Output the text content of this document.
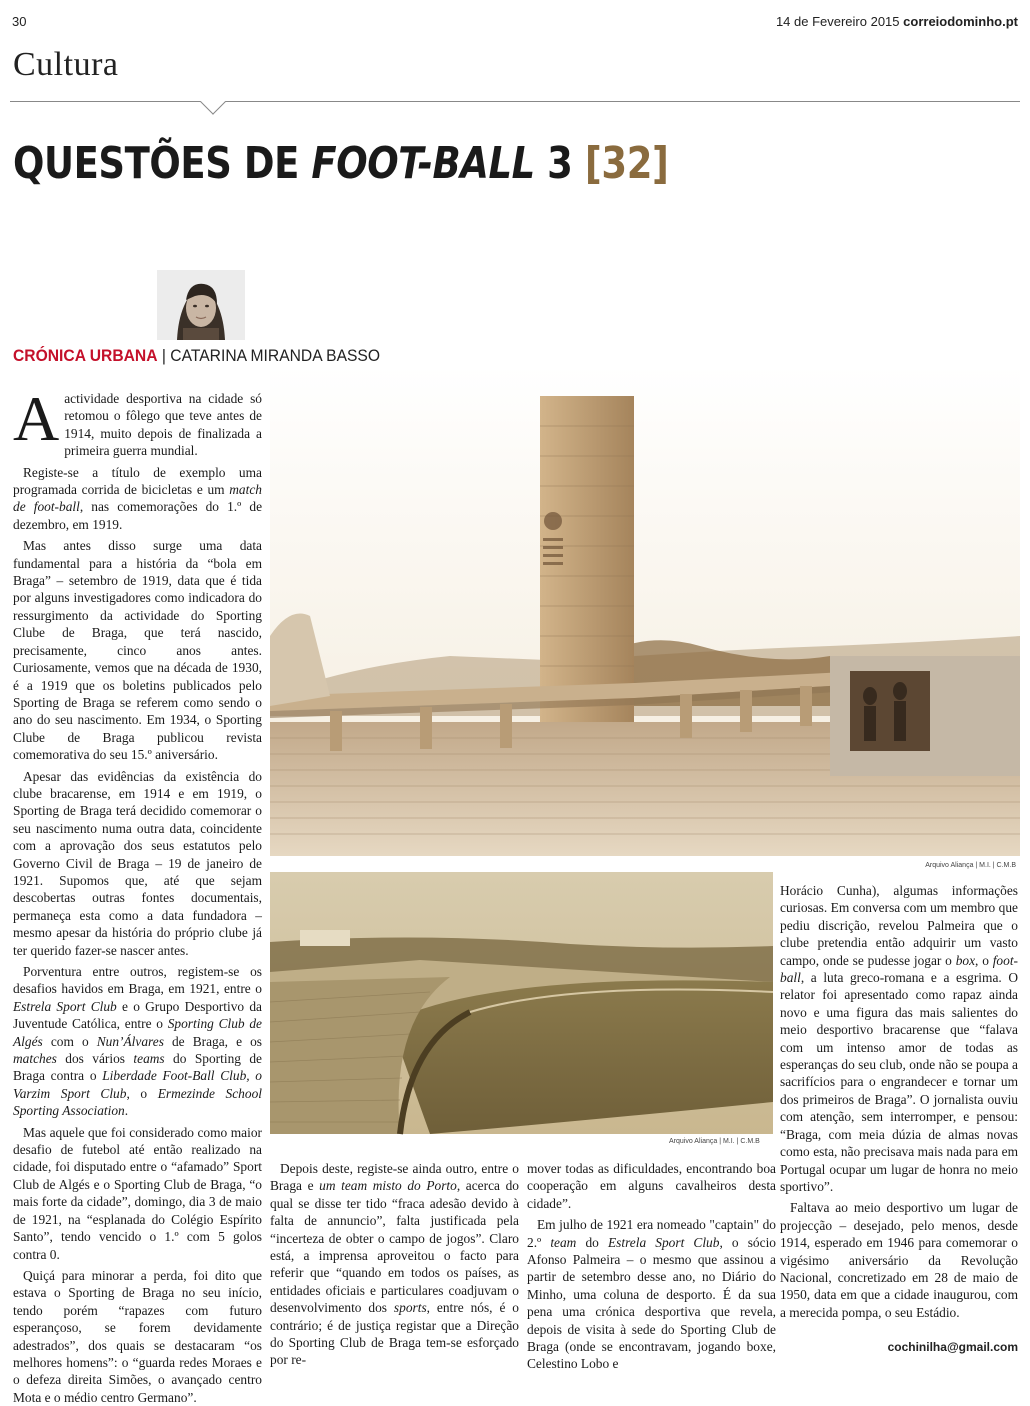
30	14 de Fevereiro 2015 correiodominho.pt
Cultura
QUESTÕES DE FOOT-BALL 3 [32]
CRÓNICA URBANA | CATARINA MIRANDA BASSO
Arquivo Aliança | M.I. | C.M.B
Arquivo Aliança | M.I. | C.M.B

A actividade desportiva na cidade só retomou o fôlego que teve antes de 1914, muito depois de finalizada a primeira guerra mundial.

Registe-se a título de exemplo uma programada corrida de bicicletas e um match de foot-ball, nas comemorações do 1.º de dezembro, em 1919.

Mas antes disso surge uma data fundamental para a história da “bola em Braga” – setembro de 1919, data que é tida por alguns investigadores como indicadora do ressurgimento da actividade do Sporting Clube de Braga, que terá nascido, precisamente, cinco anos antes. Curiosamente, vemos que na década de 1930, é a 1919 que os boletins publicados pelo Sporting de Braga se referem como sendo o ano do seu nascimento. Em 1934, o Sporting Clube de Braga publicou revista comemorativa do seu 15.º aniversário.

Apesar das evidências da existência do clube bracarense, em 1914 e em 1919, o Sporting de Braga terá decidido comemorar o seu nascimento numa outra data, coincidente com a aprovação dos seus estatutos pelo Governo Civil de Braga – 19 de janeiro de 1921. Supomos que, até que sejam descobertas outras fontes documentais, permaneça esta como a data fundadora – mesmo apesar da história do próprio clube já ter querido fazer-se nascer antes.

Porventura entre outros, registem-se os desafios havidos em Braga, em 1921, entre o Estrela Sport Club e o Grupo Desportivo da Juventude Católica, entre o Sporting Club de Algés com o Nun’Álvares de Braga, e os matches dos vários teams do Sporting de Braga contra o Liberdade Foot-Ball Club, o Varzim Sport Club, o Ermezinde School Sporting Association.

Mas aquele que foi considerado como maior desafio de futebol até então realizado na cidade, foi disputado entre o “afamado” Sport Club de Algés e o Sporting Club de Braga, “o mais forte da cidade”, domingo, dia 3 de maio de 1921, na “esplanada do Colégio Espírito Santo”, tendo vencido o 1.º com 5 golos contra 0.

Quiçá para minorar a perda, foi dito que estava o Sporting de Braga no seu início, tendo porém “rapazes com futuro esperançoso, se forem devidamente adestrados”, dos quais se destacaram “os melhores homens”: o “guarda redes Moraes e o defeza direita Simões, o avançado centro Mota e o médio centro Germano”.

Depois deste, registe-se ainda outro, entre o Braga e um team misto do Porto, acerca do qual se disse ter tido “fraca adesão devido à falta de annuncio”, falta justificada pela “incerteza de obter o campo de jogos”. Claro está, a imprensa aproveitou o facto para referir que “quando em todos os países, as entidades oficiais e particulares coadjuvam o desenvolvimento dos sports, entre nós, é o contrário; é de justiça registar que a Direção do Sporting Club de Braga tem-se esforçado por re-

mover todas as dificuldades, encontrando boa cooperação em alguns cavalheiros desta cidade”.

Em julho de 1921 era nomeado "captain" do 2.º team do Estrela Sport Club, o sócio Afonso Palmeira – o mesmo que assinou a partir de setembro desse ano, no Diário do Minho, uma coluna de desporto. É da sua pena uma crónica desportiva que revela, depois de visita à sede do Sporting Club de Braga (onde se encontravam, jogando boxe, Celestino Lobo e

Horácio Cunha), algumas informações curiosas. Em conversa com um membro que pediu discrição, revelou Palmeira que o clube pretendia então adquirir um vasto campo, onde se pudesse jogar o box, o foot-ball, a luta greco-romana e a esgrima. O relator foi apresentado como rapaz ainda novo e uma figura das mais salientes do meio desportivo bracarense que “falava com um intenso amor de todas as esperanças do seu club, onde não se poupa a sacrifícios para o engrandecer e tornar um dos primeiros de Braga”. O jornalista ouviu com atenção, sem interromper, e pensou: “Braga, com meia dúzia de almas novas como esta, não precisava mais nada para em Portugal ocupar um lugar de honra no meio sportivo”.

Faltava ao meio desportivo um lugar de projecção – desejado, pelo menos, desde 1914, esperado em 1946 para comemorar o vigésimo aniversário da Revolução Nacional, concretizado em 28 de maio de 1950, data em que a cidade inaugurou, com a merecida pompa, o seu Estádio.

cochinilha@gmail.com
